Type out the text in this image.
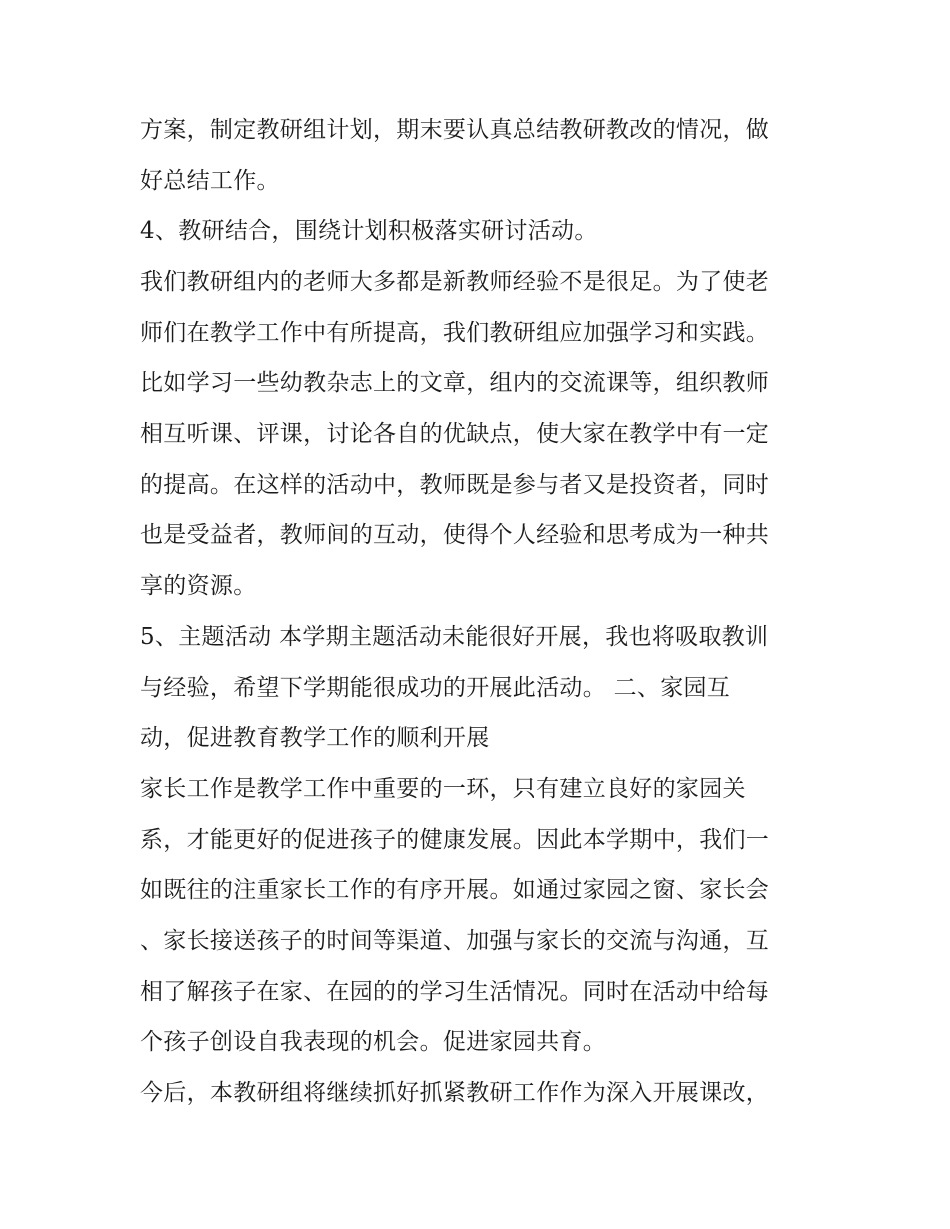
方案，制定教研组计划，期末要认真总结教研教改的情况，做
好总结工作。
4、教研结合，围绕计划积极落实研讨活动。
我们教研组内的老师大多都是新教师经验不是很足。为了使老
师们在教学工作中有所提高，我们教研组应加强学习和实践。
比如学习一些幼教杂志上的文章，组内的交流课等，组织教师
相互听课、评课，讨论各自的优缺点，使大家在教学中有一定
的提高。在这样的活动中，教师既是参与者又是投资者，同时
也是受益者，教师间的互动，使得个人经验和思考成为一种共
享的资源。
5、主题活动 本学期主题活动未能很好开展，我也将吸取教训
与经验，希望下学期能很成功的开展此活动。 二、家园互
动，促进教育教学工作的顺利开展
家长工作是教学工作中重要的一环，只有建立良好的家园关
系，才能更好的促进孩子的健康发展。因此本学期中，我们一
如既往的注重家长工作的有序开展。如通过家园之窗、家长会
、家长接送孩子的时间等渠道、加强与家长的交流与沟通，互
相了解孩子在家、在园的的学习生活情况。同时在活动中给每
个孩子创设自我表现的机会。促进家园共育。
今后，本教研组将继续抓好抓紧教研工作作为深入开展课改，
